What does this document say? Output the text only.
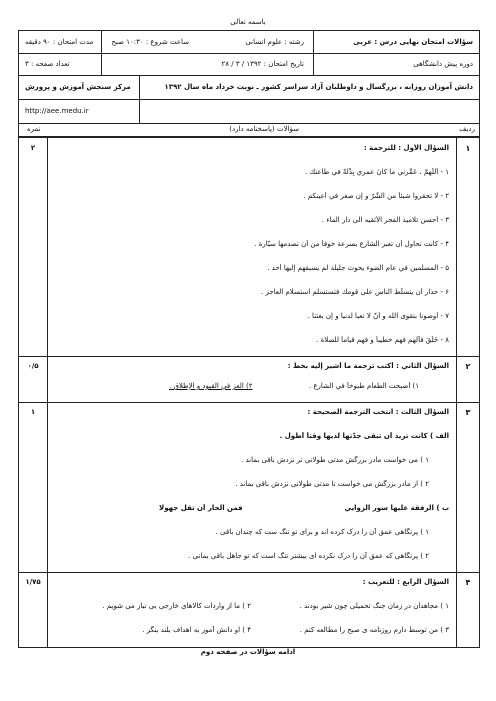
باسمه تعالی
سؤالات امتحان نهایی درس : عربی
رشته : علوم انسانی
ساعت شروع : ۱۰:۳۰ صبح
مدت امتحان : ۹۰ دقیقه
دوره پیش دانشگاهی
تاریخ امتحان : ۱۳۹۲ / ۳ / ۲۸
تعداد صفحه : ۳
دانش آموزان روزانه ، بزرگسال و داوطلبان آزاد سراسر کشور ـ نوبت خرداد ماه سال ۱۳۹۲
مرکز سنجش آموزش و پرورش
http://aee.medu.ir
ردیف
سؤالات (پاسخنامه دارد)
نمره
۱
۲	السؤال الأول : للترجمة :
۱ - اَللّهمّ ، عَمِّرني ما كانَ عمري بِذْلةً في طاعتك .
۲ - لا تحقروا شيئاً من الشّرّ و إن صغر في أعينكم .
۳ - أحسن تلاميذ الفجر الأثقيه الى دار الماء .
۴ - كانت تحاول أن تعبر الشارع بسرعة خوفاً من أن تصدمها سيّارة .
۵ - المسلمين في عام الضوء يحوث جليلة لم يسبقهم إليها أحد .
۶ - حذار أن يتسلّط الناس على قومك فتستسلم استسلام العاجز .
۷ - أوصونا بتقوى الله و أنّ لا نعبأ لدنيا و إن بغتنا .
۸ - خَلَقَ فآلهم فهم خطيباً و فهم قياماً للصلاة .
۲
۰/۵	السؤال الثاني : أكتب ترجمة ما أشير إليه بخط :
۱) أصبحت الطعام طبوخاً في الشارع .
۲) العز في القيود و الإطلاق .
۳
۱	السؤال الثالث : انتخب الترجمة الصحيحة :
الف ) كانت تريد أن تبقى جدّتها لديها وقتاً أطول .
۱ ) می خواست مادر بزرگش مدتی طولانی تر نزدش باقی بماند .
۲ ) از مادر بزرگش می خواست تا مدتی طولانی نزدش باقی بماند .
ب ) الرفقة عليها سور الزوايي
فمن الحار أن تقل جهولا
۱ ) پرتگاهی عمق آن را درک کرده اند و برای تو تنگ ست که چندان باقی .
۲ ) پرتگاهی که عمق آن را درک نکرده ای بیشتر تنگ است که تو جاهل باقی بمانی .
۴
۱/۷۵	السؤال الرابع : للتعريب :
۱ ) مجاهدان در زمان جنگ تحمیلی چون شیر بودند .
۲ ) ما از واردات کالاهای خارجی بی نیاز می شویم .
۳ ) من توسط دارم روزنامه ی صبح را مطالعه کنم .
۴ ) او دانش آموز به اهداف بلند بنگر .
ادامه سؤالات در صفحه دوم
